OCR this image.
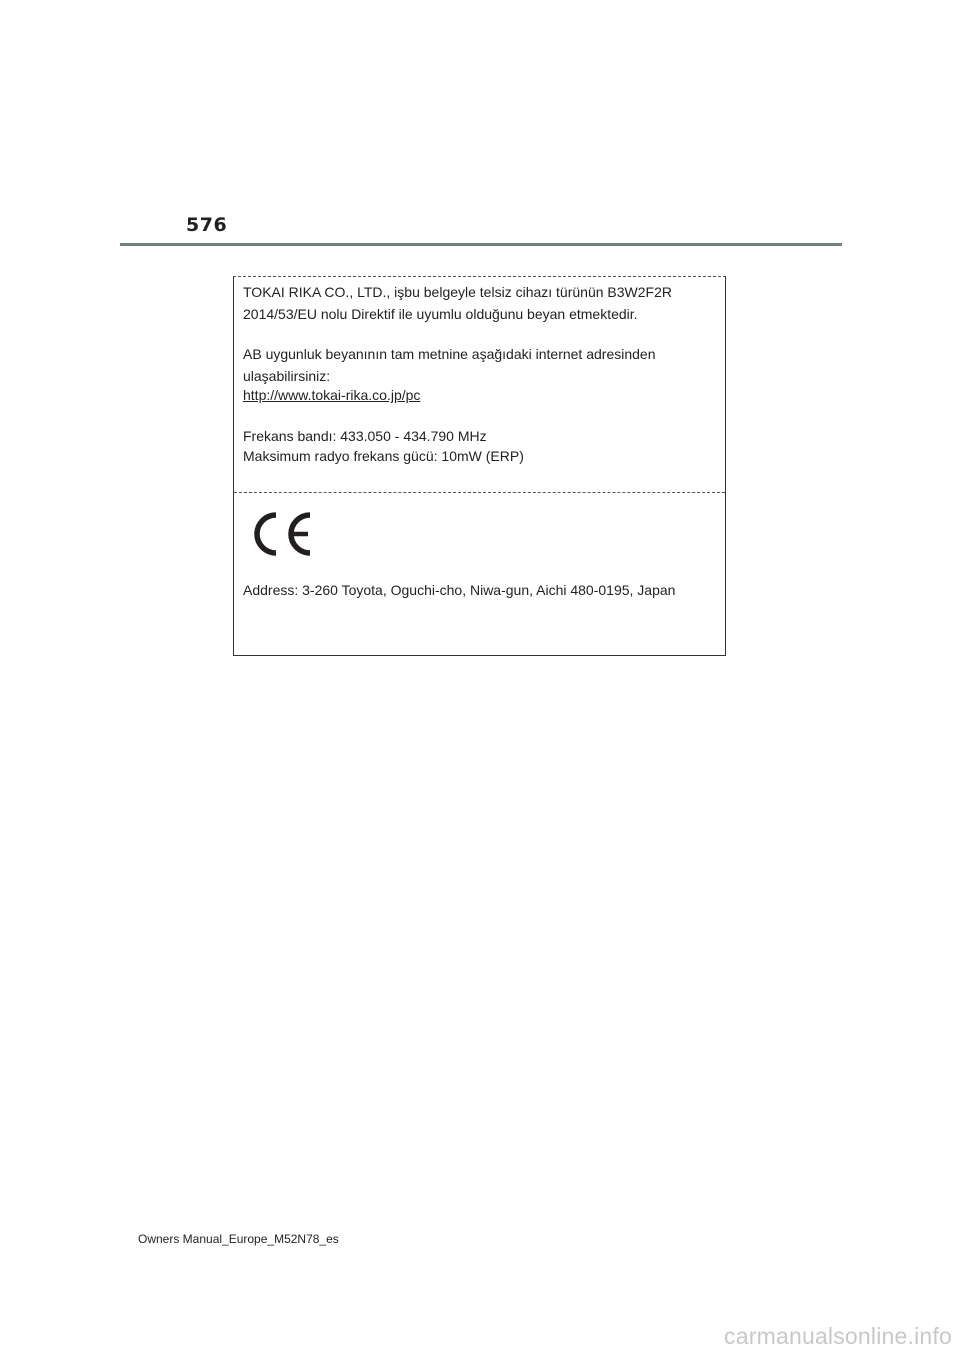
576
TOKAI RIKA CO., LTD., işbu belgeyle telsiz cihazı türünün B3W2F2R
2014/53/EU nolu Direktif ile uyumlu olduğunu beyan etmektedir.
AB uygunluk beyanının tam metnine aşağıdaki internet adresinden
ulaşabilirsiniz:
http://www.tokai-rika.co.jp/pc
Frekans bandı: 433.050 - 434.790 MHz
Maksimum radyo frekans gücü: 10mW (ERP)
Address: 3-260 Toyota, Oguchi-cho, Niwa-gun, Aichi 480-0195, Japan
Owners Manual_Europe_M52N78_es
carmanualsonline.info
